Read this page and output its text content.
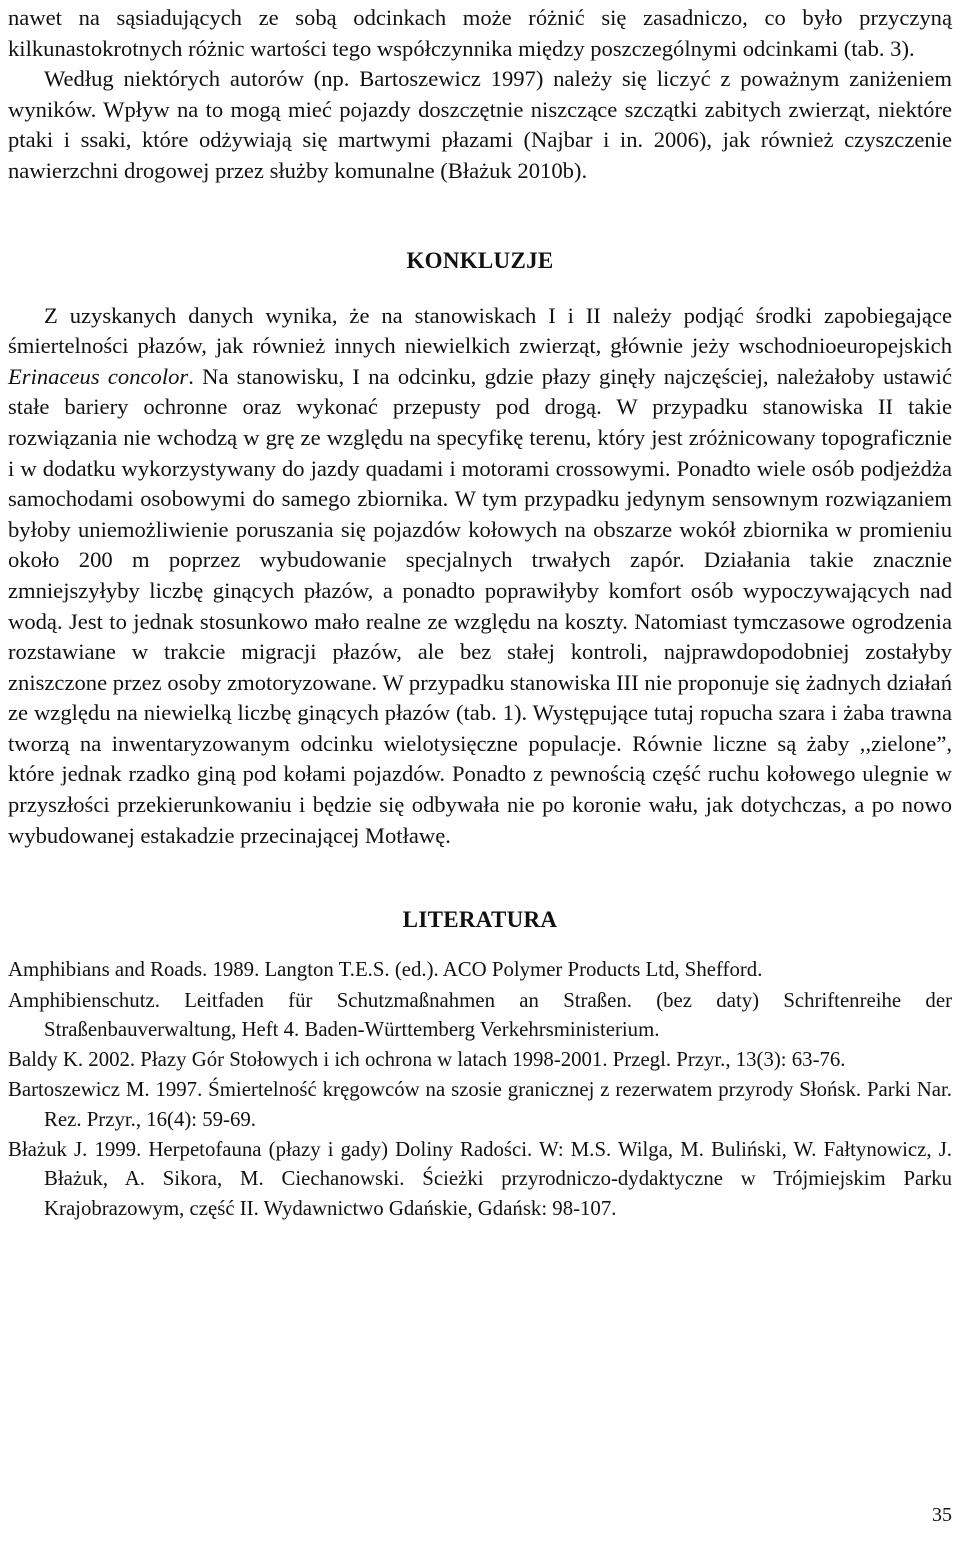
nawet na sąsiadujących ze sobą odcinkach może różnić się zasadniczo, co było przyczyną kilkunastokrotnych różnic wartości tego współczynnika między poszczególnymi odcinkami (tab. 3).

Według niektórych autorów (np. Bartoszewicz 1997) należy się liczyć z poważnym zaniżeniem wyników. Wpływ na to mogą mieć pojazdy doszczętnie niszczące szczątki zabitych zwierząt, niektóre ptaki i ssaki, które odżywiają się martwymi płazami (Najbar i in. 2006), jak również czyszczenie nawierzchni drogowej przez służby komunalne (Błażuk 2010b).

KONKLUZJE

Z uzyskanych danych wynika, że na stanowiskach I i II należy podjąć środki zapobiegające śmiertelności płazów, jak również innych niewielkich zwierząt, głównie jeży wschodnioeuropejskich Erinaceus concolor. Na stanowisku, I na odcinku, gdzie płazy ginęły najczęściej, należałoby ustawić stałe bariery ochronne oraz wykonać przepusty pod drogą. W przypadku stanowiska II takie rozwiązania nie wchodzą w grę ze względu na specyfikę terenu, który jest zróżnicowany topograficznie i w dodatku wykorzystywany do jazdy quadami i motorami crossowymi. Ponadto wiele osób podjeżdża samochodami osobowymi do samego zbiornika. W tym przypadku jedynym sensownym rozwiązaniem byłoby uniemożliwienie poruszania się pojazdów kołowych na obszarze wokół zbiornika w promieniu około 200 m poprzez wybudowanie specjalnych trwałych zapór. Działania takie znacznie zmniejszyłyby liczbę ginących płazów, a ponadto poprawiłyby komfort osób wypoczywających nad wodą. Jest to jednak stosunkowo mało realne ze względu na koszty. Natomiast tymczasowe ogrodzenia rozstawiane w trakcie migracji płazów, ale bez stałej kontroli, najprawdopodobniej zostałyby zniszczone przez osoby zmotoryzowane. W przypadku stanowiska III nie proponuje się żadnych działań ze względu na niewielką liczbę ginących płazów (tab. 1). Występujące tutaj ropucha szara i żaba trawna tworzą na inwentaryzowanym odcinku wielotysięczne populacje. Równie liczne są żaby ,,zielone”, które jednak rzadko giną pod kołami pojazdów. Ponadto z pewnością część ruchu kołowego ulegnie w przyszłości przekierunkowaniu i będzie się odbywała nie po koronie wału, jak dotychczas, a po nowo wybudowanej estakadzie przecinającej Motławę.

LITERATURA

Amphibians and Roads. 1989. Langton T.E.S. (ed.). ACO Polymer Products Ltd, Shefford.

Amphibienschutz. Leitfaden für Schutzmaßnahmen an Straßen. (bez daty) Schriftenreihe der Straßenbauverwaltung, Heft 4. Baden-Württemberg Verkehrsministerium.

Baldy K. 2002. Płazy Gór Stołowych i ich ochrona w latach 1998-2001. Przegl. Przyr., 13(3): 63-76.

Bartoszewicz M. 1997. Śmiertelność kręgowców na szosie granicznej z rezerwatem przyrody Słońsk. Parki Nar. Rez. Przyr., 16(4): 59-69.

Błażuk J. 1999. Herpetofauna (płazy i gady) Doliny Radości. W: M.S. Wilga, M. Buliński, W. Fałtynowicz, J. Błażuk, A. Sikora, M. Ciechanowski. Ścieżki przyrodniczo-dydaktyczne w Trójmiejskim Parku Krajobrazowym, część II. Wydawnictwo Gdańskie, Gdańsk: 98-107.

35
